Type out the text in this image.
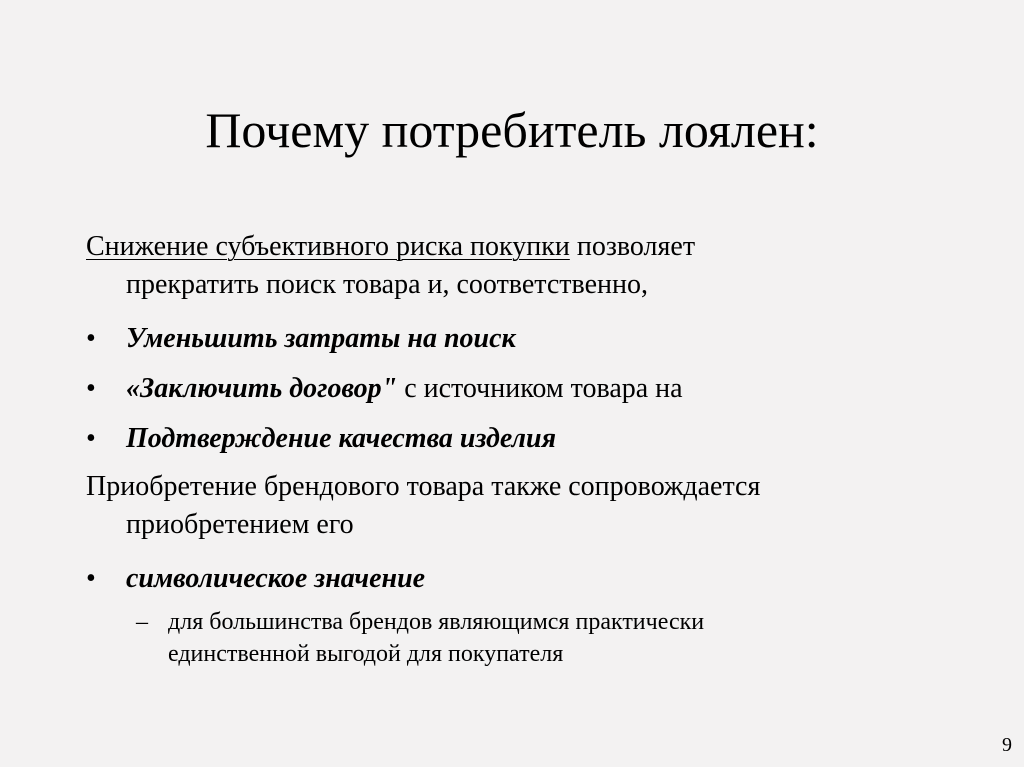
Почему потребитель лоялен:
Снижение субъективного риска покупки позволяет
прекратить поиск товара и, соответственно,
• Уменьшить затраты на поиск
• «Заключить договор" с источником товара на
• Подтверждение качества изделия
Приобретение брендового товара также сопровождается
приобретением его
• символическое значение
– для большинства брендов являющимся практически
единственной выгодой для покупателя
9
